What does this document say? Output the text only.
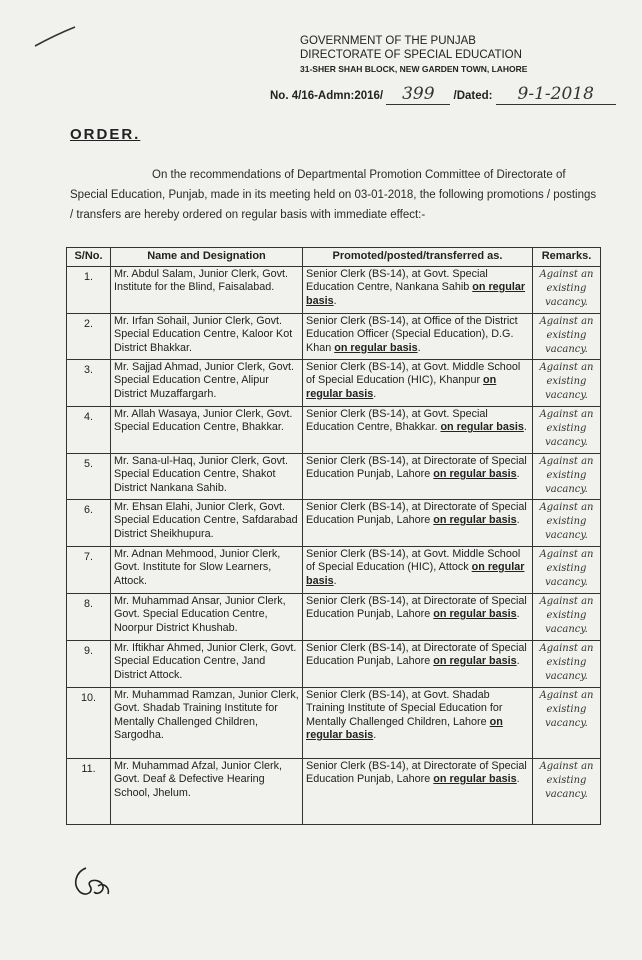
GOVERNMENT OF THE PUNJAB
DIRECTORATE OF SPECIAL EDUCATION
31-SHER SHAH BLOCK, NEW GARDEN TOWN, LAHORE
No. 4/16-Admn:2016/ 399 /Dated: 9-1-2018
ORDER.
On the recommendations of Departmental Promotion Committee of Directorate of Special Education, Punjab, made in its meeting held on 03-01-2018, the following promotions / postings / transfers are hereby ordered on regular basis with immediate effect:-
S/No.	Name and Designation	Promoted/posted/transferred as.	Remarks.
1.	Mr. Abdul Salam, Junior Clerk, Govt. Institute for the Blind, Faisalabad.	Senior Clerk (BS-14), at Govt. Special Education Centre, Nankana Sahib on regular basis.	Against an existing vacancy.
2.	Mr. Irfan Sohail, Junior Clerk, Govt. Special Education Centre, Kaloor Kot District Bhakkar.	Senior Clerk (BS-14), at Office of the District Education Officer (Special Education), D.G. Khan on regular basis.	Against an existing vacancy.
3.	Mr. Sajjad Ahmad, Junior Clerk, Govt. Special Education Centre, Alipur District Muzaffargarh.	Senior Clerk (BS-14), at Govt. Middle School of Special Education (HIC), Khanpur on regular basis.	Against an existing vacancy.
4.	Mr. Allah Wasaya, Junior Clerk, Govt. Special Education Centre, Bhakkar.	Senior Clerk (BS-14), at Govt. Special Education Centre, Bhakkar. on regular basis.	Against an existing vacancy.
5.	Mr. Sana-ul-Haq, Junior Clerk, Govt. Special Education Centre, Shakot District Nankana Sahib.	Senior Clerk (BS-14), at Directorate of Special Education Punjab, Lahore on regular basis.	Against an existing vacancy.
6.	Mr. Ehsan Elahi, Junior Clerk, Govt. Special Education Centre, Safdarabad District Sheikhupura.	Senior Clerk (BS-14), at Directorate of Special Education Punjab, Lahore on regular basis.	Against an existing vacancy.
7.	Mr. Adnan Mehmood, Junior Clerk, Govt. Institute for Slow Learners, Attock.	Senior Clerk (BS-14), at Govt. Middle School of Special Education (HIC), Attock on regular basis.	Against an existing vacancy.
8.	Mr. Muhammad Ansar, Junior Clerk, Govt. Special Education Centre, Noorpur District Khushab.	Senior Clerk (BS-14), at Directorate of Special Education Punjab, Lahore on regular basis.	Against an existing vacancy.
9.	Mr. Iftikhar Ahmed, Junior Clerk, Govt. Special Education Centre, Jand District Attock.	Senior Clerk (BS-14), at Directorate of Special Education Punjab, Lahore on regular basis.	Against an existing vacancy.
10.	Mr. Muhammad Ramzan, Junior Clerk, Govt. Shadab Training Institute for Mentally Challenged Children, Sargodha.	Senior Clerk (BS-14), at Govt. Shadab Training Institute of Special Education for Mentally Challenged Children, Lahore on regular basis.	Against an existing vacancy.
11.	Mr. Muhammad Afzal, Junior Clerk, Govt. Deaf & Defective Hearing School, Jhelum.	Senior Clerk (BS-14), at Directorate of Special Education Punjab, Lahore on regular basis.	Against an existing vacancy.
